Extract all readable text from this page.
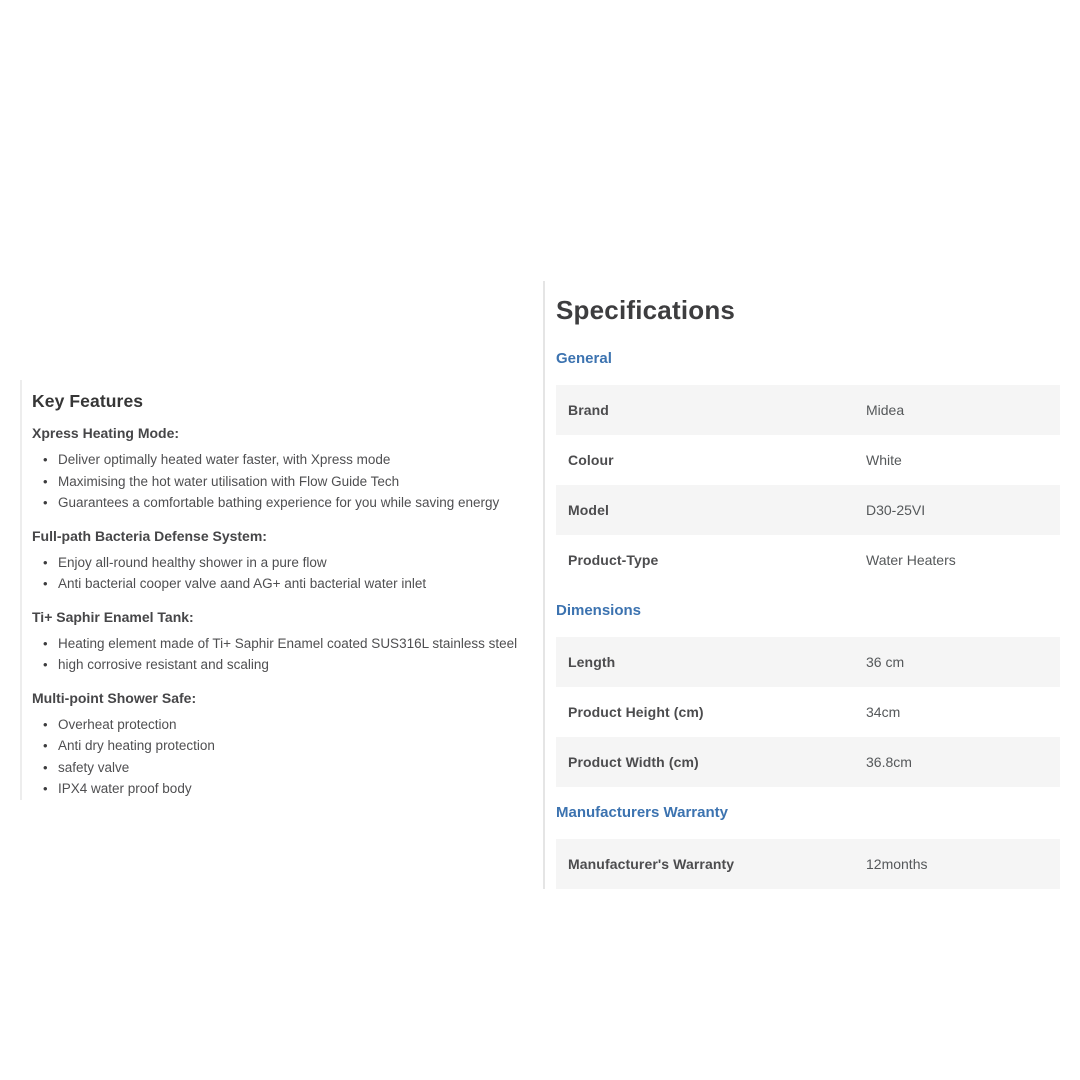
Key Features
Xpress Heating Mode:
• Deliver optimally heated water faster, with Xpress mode
• Maximising the hot water utilisation with Flow Guide Tech
• Guarantees a comfortable bathing experience for you while saving energy
Full-path Bacteria Defense System:
• Enjoy all-round healthy shower in a pure flow
• Anti bacterial cooper valve aand AG+ anti bacterial water inlet
Ti+ Saphir Enamel Tank:
• Heating element made of Ti+ Saphir Enamel coated SUS316L stainless steel
• high corrosive resistant and scaling
Multi-point Shower Safe:
• Overheat protection
• Anti dry heating protection
• safety valve
• IPX4 water proof body
Specifications
General
Brand	Midea
Colour	White
Model	D30-25VI
Product-Type	Water Heaters
Dimensions
Length	36 cm
Product Height (cm)	34cm
Product Width (cm)	36.8cm
Manufacturers Warranty
Manufacturer's Warranty	12months
